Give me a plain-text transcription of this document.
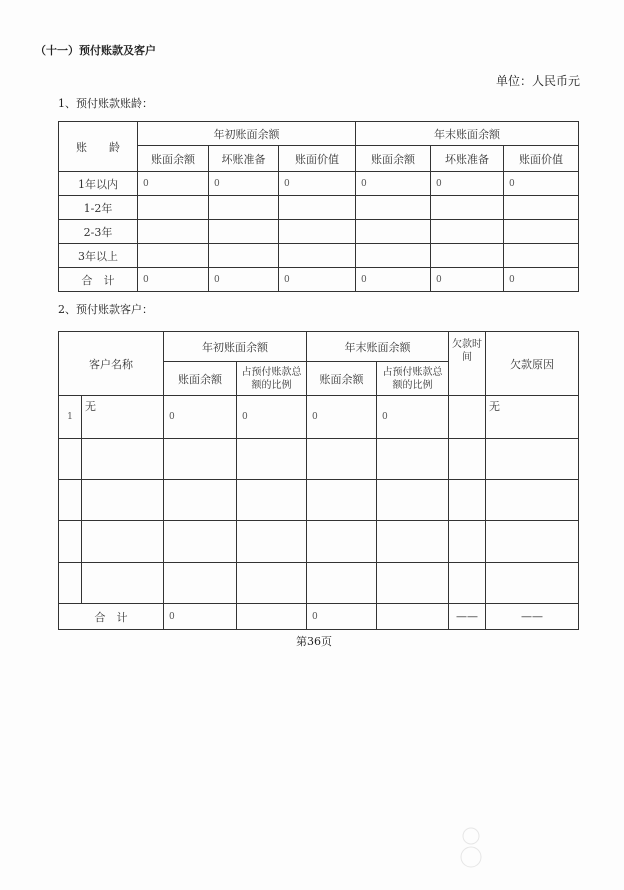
（十一）预付账款及客户
单位：人民币元
1、预付账款账龄：
账　　龄	年初账面余额			年末账面余额		
	账面余额	坏账准备	账面价值	账面余额	坏账准备	账面价值
1年以内	0	0	0	0	0	0
1-2年						
2-3年						
3年以上						
合　计	0	0	0	0	0	0
2、预付账款客户：
客户名称		年初账面余额		年末账面余额		欠款时间	欠款原因
		账面余额	占预付账款总额的比例	账面余额	占预付账款总额的比例		
1	无	0	0	0	0		无

合　计		0		0		——	——
第36页
